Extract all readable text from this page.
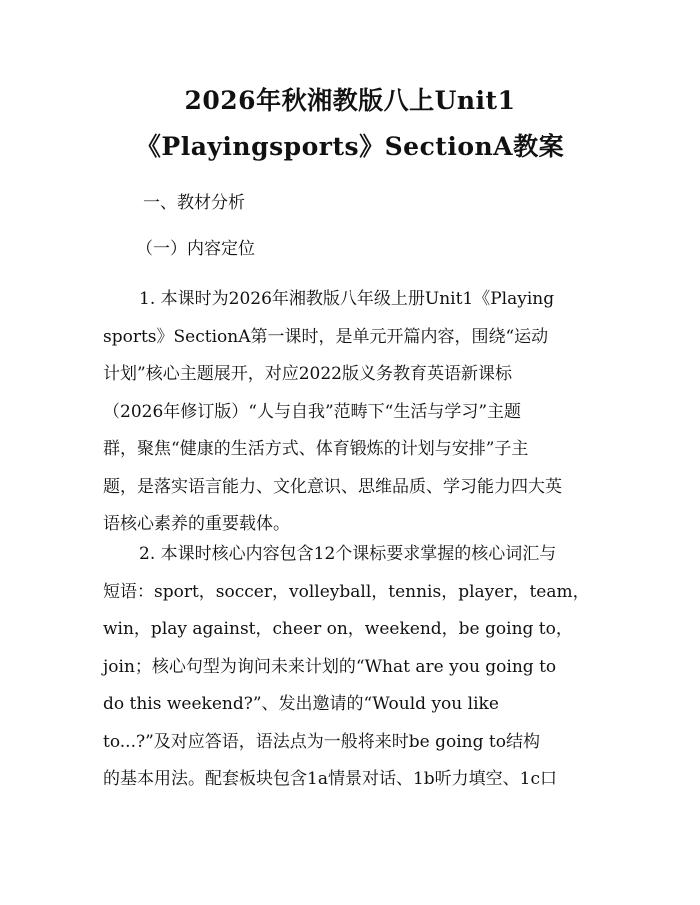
2026年秋湘教版八上Unit1
《Playingsports》SectionA教案
一、教材分析
（一）内容定位
1. 本课时为2026年湘教版八年级上册Unit1《Playing
sports》SectionA第一课时，是单元开篇内容，围绕“运动
计划”核心主题展开，对应2022版义务教育英语新课标
（2026年修订版）“人与自我”范畴下“生活与学习”主题
群，聚焦“健康的生活方式、体育锻炼的计划与安排”子主
题，是落实语言能力、文化意识、思维品质、学习能力四大英
语核心素养的重要载体。
2. 本课时核心内容包含12个课标要求掌握的核心词汇与
短语：sport，soccer，volleyball，tennis，player，team，
win，play against，cheer on，weekend，be going to，
join；核心句型为询问未来计划的“What are you going to
do this weekend?”、发出邀请的“Would you like
to...?”及对应答语，语法点为一般将来时be going to结构
的基本用法。配套板块包含1a情景对话、1b听力填空、1c口
